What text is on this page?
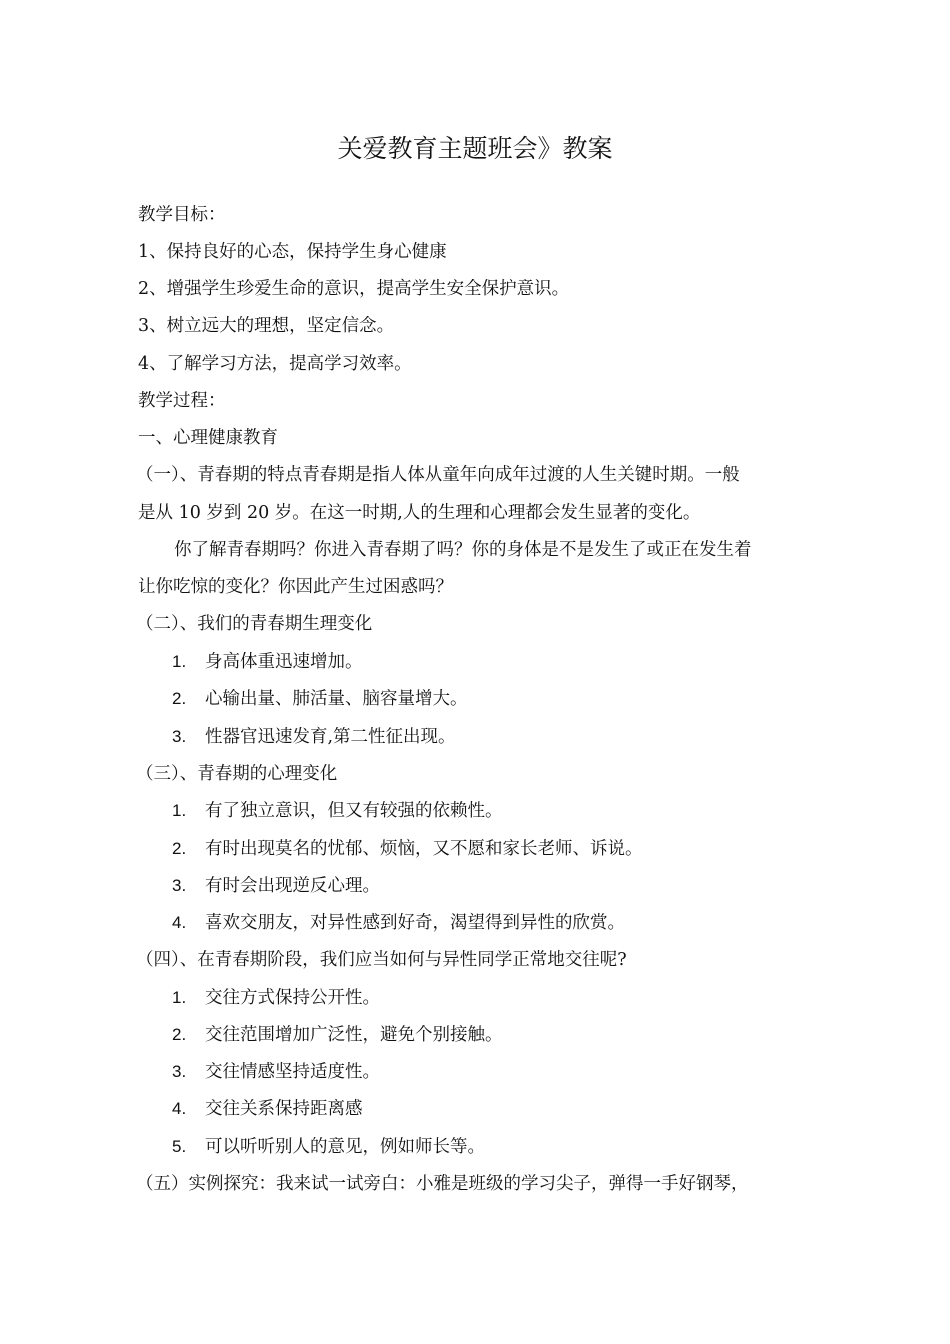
关爱教育主题班会》教案
教学目标：
1、保持良好的心态，保持学生身心健康
2、增强学生珍爱生命的意识，提高学生安全保护意识。
3、树立远大的理想，坚定信念。
4、了解学习方法，提高学习效率。
教学过程：
一、心理健康教育
（一）、青春期的特点青春期是指人体从童年向成年过渡的人生关键时期。一般
是从 10 岁到 20 岁。在这一时期,人的生理和心理都会发生显著的变化。
你了解青春期吗？你进入青春期了吗？你的身体是不是发生了或正在发生着
让你吃惊的变化？你因此产生过困惑吗？
（二）、我们的青春期生理变化
1.	身高体重迅速增加。
2.	心输出量、肺活量、脑容量增大。
3.	性器官迅速发育,第二性征出现。
（三）、青春期的心理变化
1.	有了独立意识，但又有较强的依赖性。
2.	有时出现莫名的忧郁、烦恼，又不愿和家长老师、诉说。
3.	有时会出现逆反心理。
4.	喜欢交朋友，对异性感到好奇，渴望得到异性的欣赏。
（四）、在青春期阶段，我们应当如何与异性同学正常地交往呢?
1.	交往方式保持公开性。
2.	交往范围增加广泛性，避免个别接触。
3.	交往情感坚持适度性。
4.	交往关系保持距离感
5.	可以听听别人的意见，例如师长等。
（五）实例探究：我来试一试旁白：小雅是班级的学习尖子，弹得一手好钢琴，
